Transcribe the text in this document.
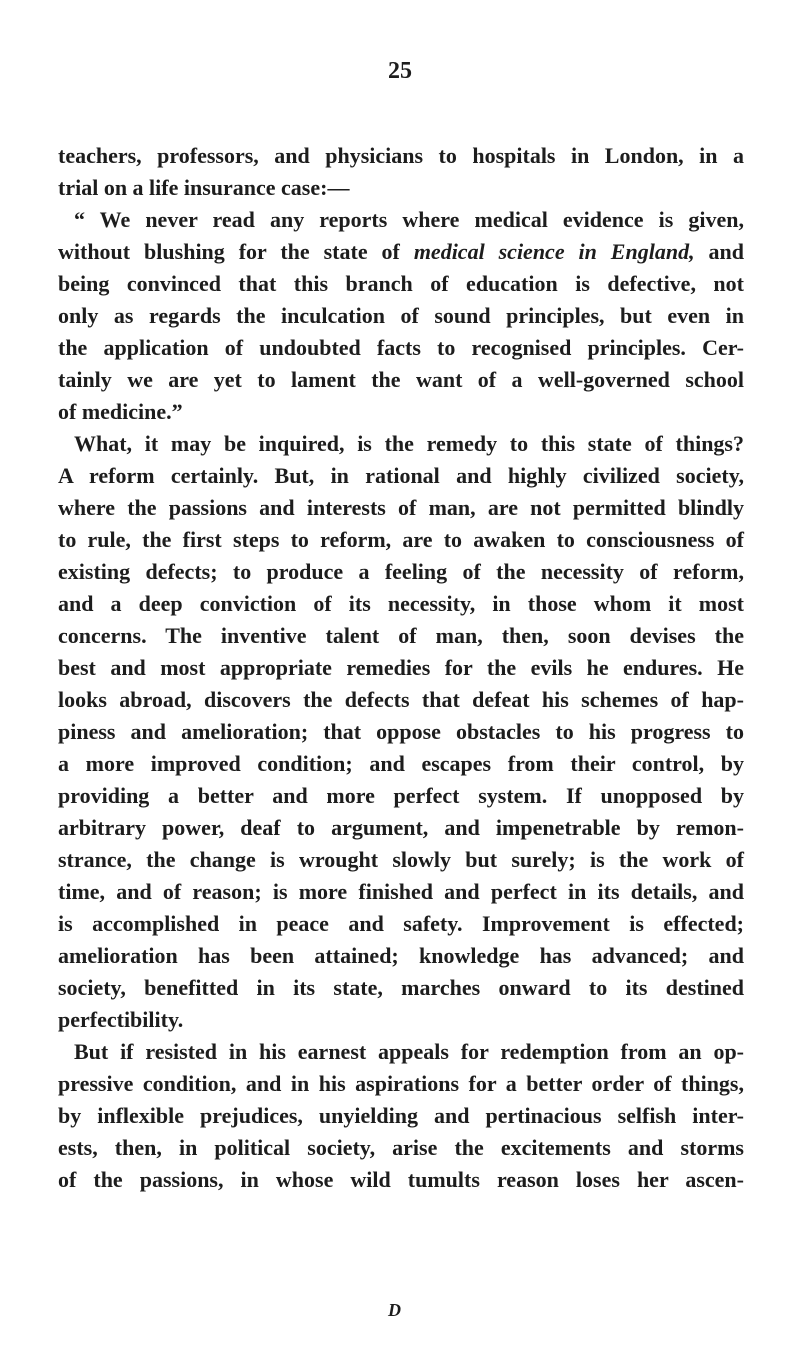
25
teachers, professors, and physicians to hospitals in London, in a
trial on a life insurance case:—
“ We never read any reports where medical evidence is given,
without blushing for the state of medical science in England, and
being convinced that this branch of education is defective, not
only as regards the inculcation of sound principles, but even in
the application of undoubted facts to recognised principles. Cer-
tainly we are yet to lament the want of a well-governed school
of medicine.”
What, it may be inquired, is the remedy to this state of things?
A reform certainly. But, in rational and highly civilized society,
where the passions and interests of man, are not permitted blindly
to rule, the first steps to reform, are to awaken to consciousness of
existing defects; to produce a feeling of the necessity of reform,
and a deep conviction of its necessity, in those whom it most
concerns. The inventive talent of man, then, soon devises the
best and most appropriate remedies for the evils he endures. He
looks abroad, discovers the defects that defeat his schemes of hap-
piness and amelioration; that oppose obstacles to his progress to
a more improved condition; and escapes from their control, by
providing a better and more perfect system. If unopposed by
arbitrary power, deaf to argument, and impenetrable by remon-
strance, the change is wrought slowly but surely; is the work of
time, and of reason; is more finished and perfect in its details, and
is accomplished in peace and safety. Improvement is effected;
amelioration has been attained; knowledge has advanced; and
society, benefitted in its state, marches onward to its destined
perfectibility.
But if resisted in his earnest appeals for redemption from an op-
pressive condition, and in his aspirations for a better order of things,
by inflexible prejudices, unyielding and pertinacious selfish inter-
ests, then, in political society, arise the excitements and storms
of the passions, in whose wild tumults reason loses her ascen-
D
